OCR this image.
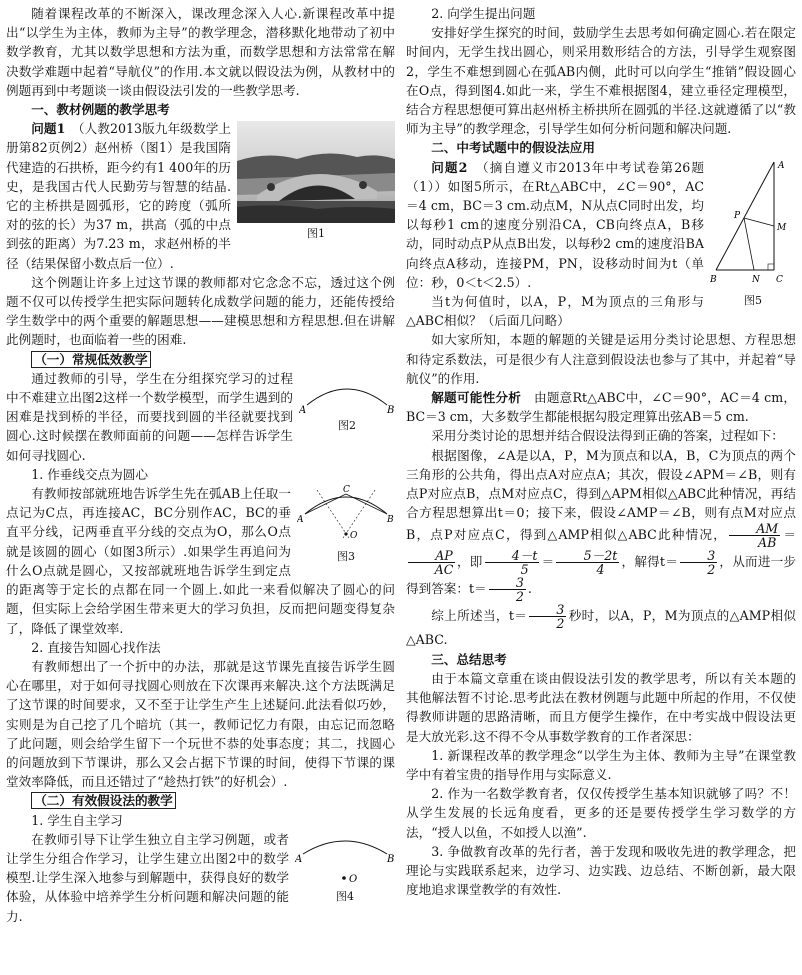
随着课程改革的不断深入，课改理念深入人心.新课程改革中提出“以学生为主体，教师为主导”的教学理念，潜移默化地带动了初中数学教育，尤其以数学思想和方法为重，而数学思想和方法常常在解决数学难题中起着“导航仪”的作用.本文就以假设法为例，从教材中的例题再到中考题谈一谈由假设法引发的一些教学思考.

一、教材例题的教学思考

图1

问题1　 （人教2013版九年级数学上册第82页例2）赵州桥（图1）是我国隋代建造的石拱桥，距今约有1 400年的历史，是我国古代人民勤劳与智慧的结晶.它的主桥拱是圆弧形，它的跨度（弧所对的弦的长）为37 m，拱高（弧的中点到弦的距离）为7.23 m，求赵州桥的半径（结果保留小数点后一位）.

这个例题让许多上过这节课的教师都对它念念不忘，透过这个例题不仅可以传授学生把实际问题转化成数学问题的能力，还能传授给学生数学中的两个重要的解题思想——建模思想和方程思想.但在讲解此例题时，也面临着一些的困难.

（一）常规低效教学

A	B
图2

通过教师的引导，学生在分组探究学习的过程中不难建立出图2这样一个数学模型，而学生遇到的困难是找到桥的半径，而要找到圆的半径就要找到圆心.这时候摆在教师面前的问题——怎样告诉学生如何寻找圆心.

1. 作垂线交点为圆心

C
A	B
O
图3

有教师按部就班地告诉学生先在弧AB上任取一点记为C点，再连接AC，BC分别作AC，BC的垂直平分线，记两垂直平分线的交点为O，那么O点就是该圆的圆心（如图3所示）.如果学生再追问为什么O点就是圆心，又按部就班地告诉学生到定点的距离等于定长的点都在同一个圆上.如此一来看似解决了圆心的问题，但实际上会给学困生带来更大的学习负担，反而把问题变得复杂了，降低了课堂效率.

2. 直接告知圆心找作法

有教师想出了一个折中的办法，那就是这节课先直接告诉学生圆心在哪里，对于如何寻找圆心则放在下次课再来解决.这个方法既满足了这节课的时间要求，又不至于让学生产生上述疑问.此法看似巧妙，实则是为自己挖了几个暗坑（其一，教师记忆力有限，由忘记而忽略了此问题，则会给学生留下一个玩世不恭的处事态度；其二，找圆心的问题放到下节课讲，那么又会占据下节课的时间，使得下节课的课堂效率降低，而且还错过了“趁热打铁”的好机会）.

（二）有效假设法的教学

1. 学生自主学习

A	B
O
图4

在教师引导下让学生独立自主学习例题，或者让学生分组合作学习，让学生建立出图2中的数学模型.让学生深入地参与到解题中，获得良好的数学体验，从体验中培养学生分析问题和解决问题的能力.

2. 向学生提出问题

安排好学生探究的时间，鼓励学生去思考如何确定圆心.若在限定时间内，无学生找出圆心，则采用数形结合的方法，引导学生观察图2，学生不难想到圆心在弧AB内侧，此时可以向学生“推销”假设圆心在O点，得到图4.如此一来，学生不难根据图4，建立垂径定理模型，结合方程思想便可算出赵州桥主桥拱所在圆弧的半径.这就遵循了以“教师为主导”的教学理念，引导学生如何分析问题和解决问题.

二、中考试题中的假设法应用

A
B	C
M
N
P
图5

问题2　 （摘自遵义市2013年中考试卷第26题（1））如图5所示，在Rt△ABC中，∠C＝90°，AC＝4 cm，BC＝3 cm.动点M，N从点C同时出发，均以每秒1 cm的速度分别沿CA，CB向终点A，B移动，同时动点P从点B出发，以每秒2 cm的速度沿BA向终点A移动，连接PM，PN，设移动时间为t（单位：秒，0＜t＜2.5）.

当t为何值时，以A，P，M为顶点的三角形与△ABC相似？（后面几问略）

如大家所知，本题的解题的关键是运用分类讨论思想、方程思想和待定系数法，可是很少有人注意到假设法也参与了其中，并起着“导航仪”的作用.

解题可能性分析　 由题意Rt△ABC中，∠C＝90°，AC＝4 cm，BC＝3 cm，大多数学生都能根据勾股定理算出弦AB＝5 cm.

采用分类讨论的思想并结合假设法得到正确的答案，过程如下：

根据图像，∠A是以A，P，M为顶点和以A，B，C为顶点的两个三角形的公共角，得出点A对应点A；其次，假设∠APM＝∠B，则有点P对应点B，点M对应点C，得到△APM相似△ABC此种情况，再结合方程思想算出t＝0；接下来，假设∠AMP＝∠B，则有点M对应点B，点P对应点C，得到△AMP相似△ABC此种情况， $\frac{AM}{AB}$ ＝
$\frac{AP}{AC}$ ，即 $\frac{4-t}{5} = \frac{5-2t}{4}$ ，解得$t= \frac{3}{2}$ ，从而进一步得到答案：$t= \frac{3}{2}$ .

综上所述当，$t= \frac{3}{2}$ 秒时，以A，P，M为顶点的△AMP相似△ABC.

三、总结思考

由于本篇文章重在谈由假设法引发的教学思考，所以有关本题的其他解法暂不讨论.思考此法在教材例题与此题中所起的作用，不仅使得教师讲题的思路清晰，而且方便学生操作，在中考实战中假设法更是大放光彩.这不得不令从事数学教育的工作者深思：

1. 新课程改革的教学理念“以学生为主体、教师为主导”在课堂教学中有着宝贵的指导作用与实际意义.

2. 作为一名数学教育者，仅仅传授学生基本知识就够了吗？不！从学生发展的长远角度看，更多的还是要传授学生学习数学的方法，“授人以鱼，不如授人以渔”.

3. 争做教育改革的先行者，善于发现和吸收先进的教学理念，把理论与实践联系起来，边学习、边实践、边总结、不断创新，最大限度地追求课堂教学的有效性.
